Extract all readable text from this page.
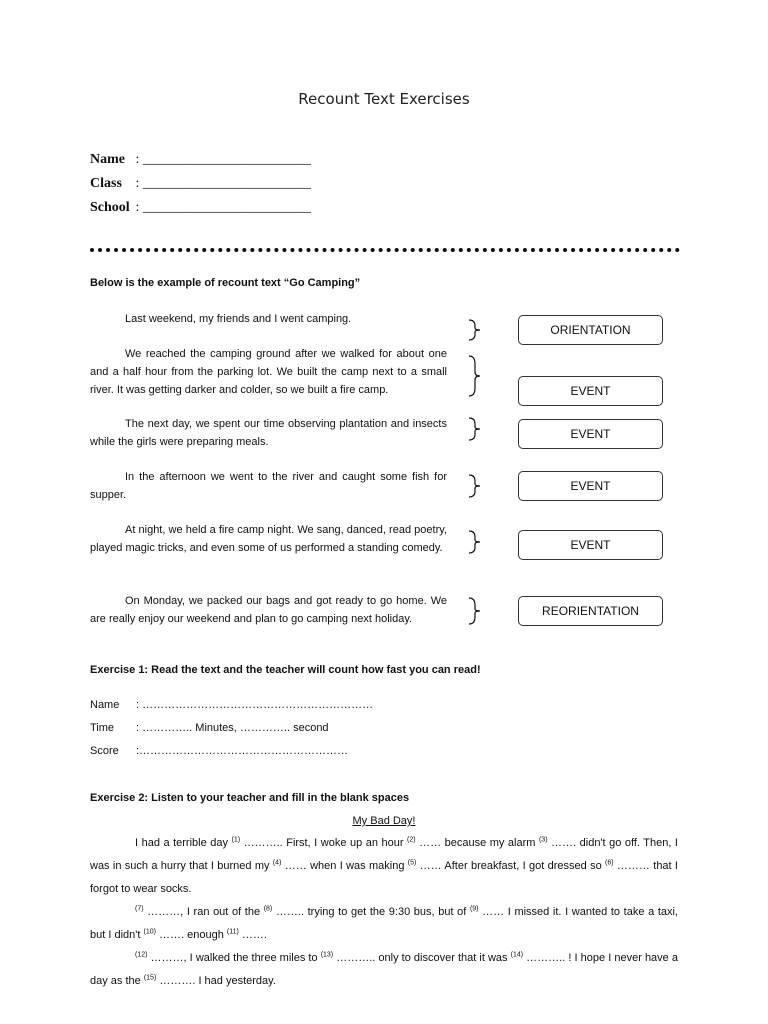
Recount Text Exercises
Name : ________________________
Class : ________________________
School : ________________________
Below is the example of recount text “Go Camping”
Last weekend, my friends and I went camping.
We reached the camping ground after we walked for about one and a half hour from the parking lot. We built the camp next to a small river. It was getting darker and colder, so we built a fire camp.
The next day, we spent our time observing plantation and insects while the girls were preparing meals.
In the afternoon we went to the river and caught some fish for supper.
At night, we held a fire camp night. We sang, danced, read poetry, played magic tricks, and even some of us performed a standing comedy.
On Monday, we packed our bags and got ready to go home. We are really enjoy our weekend and plan to go camping next holiday.
ORIENTATION
EVENT
EVENT
EVENT
EVENT
REORIENTATION
Exercise 1: Read the text and the teacher will count how fast you can read!
Name : ………………………………………………………
Time : ………….. Minutes, ………….. second
Score :…………………………………………………
Exercise 2: Listen to your teacher and fill in the blank spaces
My Bad Day!
I had a terrible day $^{(1)}$ ……….. First, I woke up an hour $^{(2)}$ …… because my alarm $^{(3)}$ ……. didn't go off. Then, I was in such a hurry that I burned my $^{(4)}$ …… when I was making $^{(5)}$ …… After breakfast, I got dressed so $^{(6)}$ ……… that I forgot to wear socks.
$^{(7)}$ ………, I ran out of the $^{(8)}$ …….. trying to get the 9:30 bus, but of $^{(9)}$ …… I missed it. I wanted to take a taxi, but I didn't $^{(10)}$ ……. enough $^{(11)}$ …….
$^{(12)}$ ………, I walked the three miles to $^{(13)}$ ……….. only to discover that it was $^{(14)}$ ……….. ! I hope I never have a day as the $^{(15)}$ ………. I had yesterday.
